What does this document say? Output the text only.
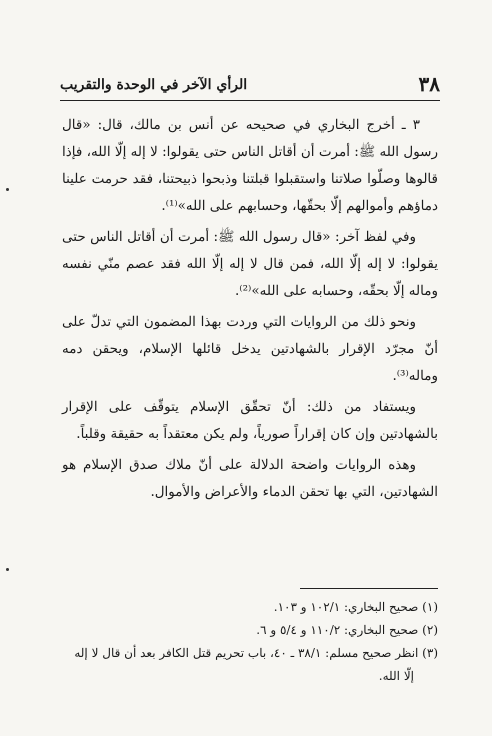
٣٨
الرأي الآخر في الوحدة والتقريب

٣ ـ أخرج البخاري في صحيحه عن أنس بن مالك، قال: «قال رسول الله ﷺ: أمرت أن أقاتل الناس حتى يقولوا: لا إله إلّا الله، فإذا قالوها وصلّوا صلاتنا واستقبلوا قبلتنا وذبحوا ذبيحتنا، فقد حرمت علينا دماؤهم وأموالهم إلّا بحقّها، وحسابهم على الله»⁽¹⁾.

وفي لفظ آخر: «قال رسول الله ﷺ: أمرت أن أقاتل الناس حتى يقولوا: لا إله إلّا الله، فمن قال لا إله إلّا الله فقد عصم منّي نفسه وماله إلّا بحقّه، وحسابه على الله»⁽²⁾.

ونحو ذلك من الروايات التي وردت بهذا المضمون التي تدلّ على أنّ مجرّد الإقرار بالشهادتين يدخل قائلها الإسلام، ويحقن دمه وماله⁽³⁾.

ويستفاد من ذلك: أنّ تحقّق الإسلام يتوقّف على الإقرار بالشهادتين وإن كان إقراراً صورياً، ولم يكن معتقداً به حقيقة وقلباً.

وهذه الروايات واضحة الدلالة على أنّ ملاك صدق الإسلام هو الشهادتين، التي بها تحقن الدماء والأعراض والأموال.

(١) صحيح البخاري: ١٠٢/١ و ١٠٣.

(٢) صحيح البخاري: ١١٠/٢ و ٥/٤ و ٦.

(٣) انظر صحيح مسلم: ٣٨/١ ـ ٤٠، باب تحريم قتل الكافر بعد أن قال لا إله

إلّا الله.
